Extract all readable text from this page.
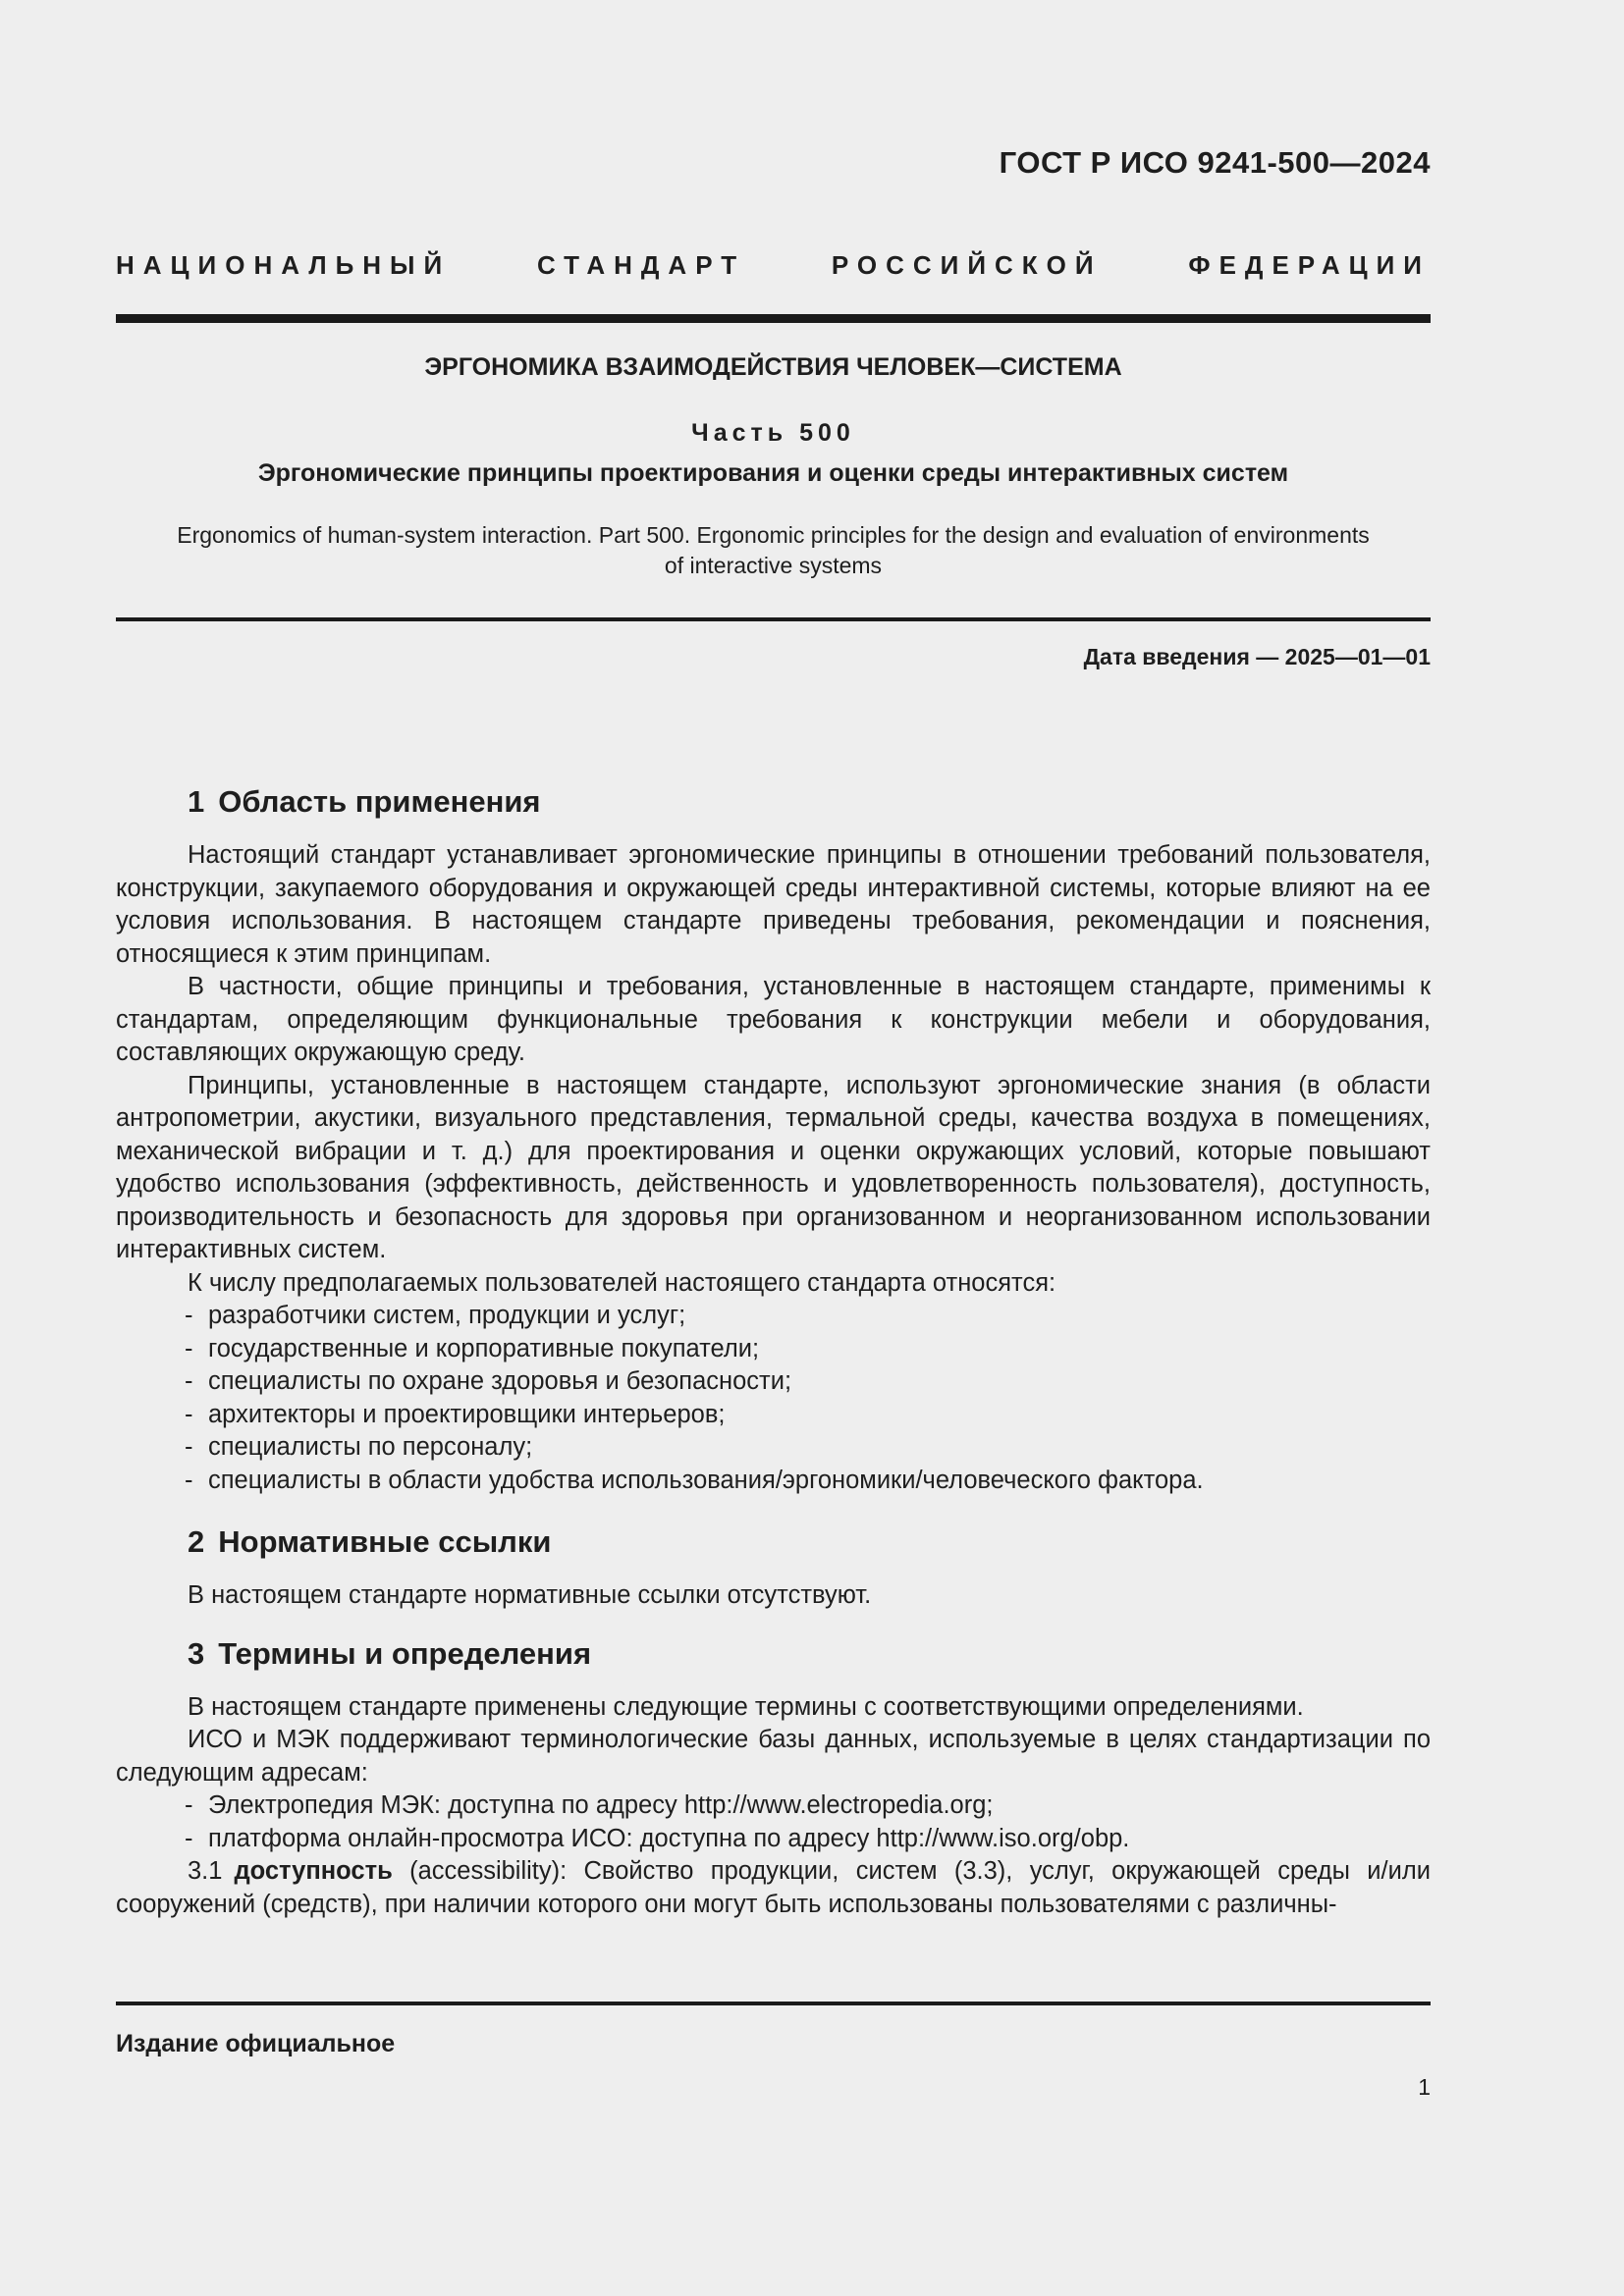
ГОСТ Р ИСО 9241-500—2024
НАЦИОНАЛЬНЫЙ СТАНДАРТ РОССИЙСКОЙ ФЕДЕРАЦИИ
ЭРГОНОМИКА ВЗАИМОДЕЙСТВИЯ ЧЕЛОВЕК—СИСТЕМА
Часть 500
Эргономические принципы проектирования и оценки среды интерактивных систем
Ergonomics of human-system interaction. Part 500. Ergonomic principles for the design and evaluation of environments
of interactive systems
Дата введения — 2025—01—01
1 Область применения

Настоящий стандарт устанавливает эргономические принципы в отношении требований пользователя, конструкции, закупаемого оборудования и окружающей среды интерактивной системы, которые влияют на ее условия использования. В настоящем стандарте приведены требования, рекомендации и пояснения, относящиеся к этим принципам.

В частности, общие принципы и требования, установленные в настоящем стандарте, применимы к стандартам, определяющим функциональные требования к конструкции мебели и оборудования, составляющих окружающую среду.

Принципы, установленные в настоящем стандарте, используют эргономические знания (в области антропометрии, акустики, визуального представления, термальной среды, качества воздуха в помещениях, механической вибрации и т. д.) для проектирования и оценки окружающих условий, которые повышают удобство использования (эффективность, действенность и удовлетворенность пользователя), доступность, производительность и безопасность для здоровья при организованном и неорганизованном использовании интерактивных систем.

К числу предполагаемых пользователей настоящего стандарта относятся:

- разработчики систем, продукции и услуг;
- государственные и корпоративные покупатели;
- специалисты по охране здоровья и безопасности;
- архитекторы и проектировщики интерьеров;
- специалисты по персоналу;
- специалисты в области удобства использования/эргономики/человеческого фактора.
2 Нормативные ссылки

В настоящем стандарте нормативные ссылки отсутствуют.

3 Термины и определения

В настоящем стандарте применены следующие термины с соответствующими определениями.

ИСО и МЭК поддерживают терминологические базы данных, используемые в целях стандартизации по следующим адресам:

- Электропедия МЭК: доступна по адресу http://www.electropedia.org;
- платформа онлайн-просмотра ИСО: доступна по адресу http://www.iso.org/obp.

3.1 доступность (accessibility): Свойство продукции, систем (3.3), услуг, окружающей среды и/или сооружений (средств), при наличии которого они могут быть использованы пользователями с различны-

Издание официальное
1
